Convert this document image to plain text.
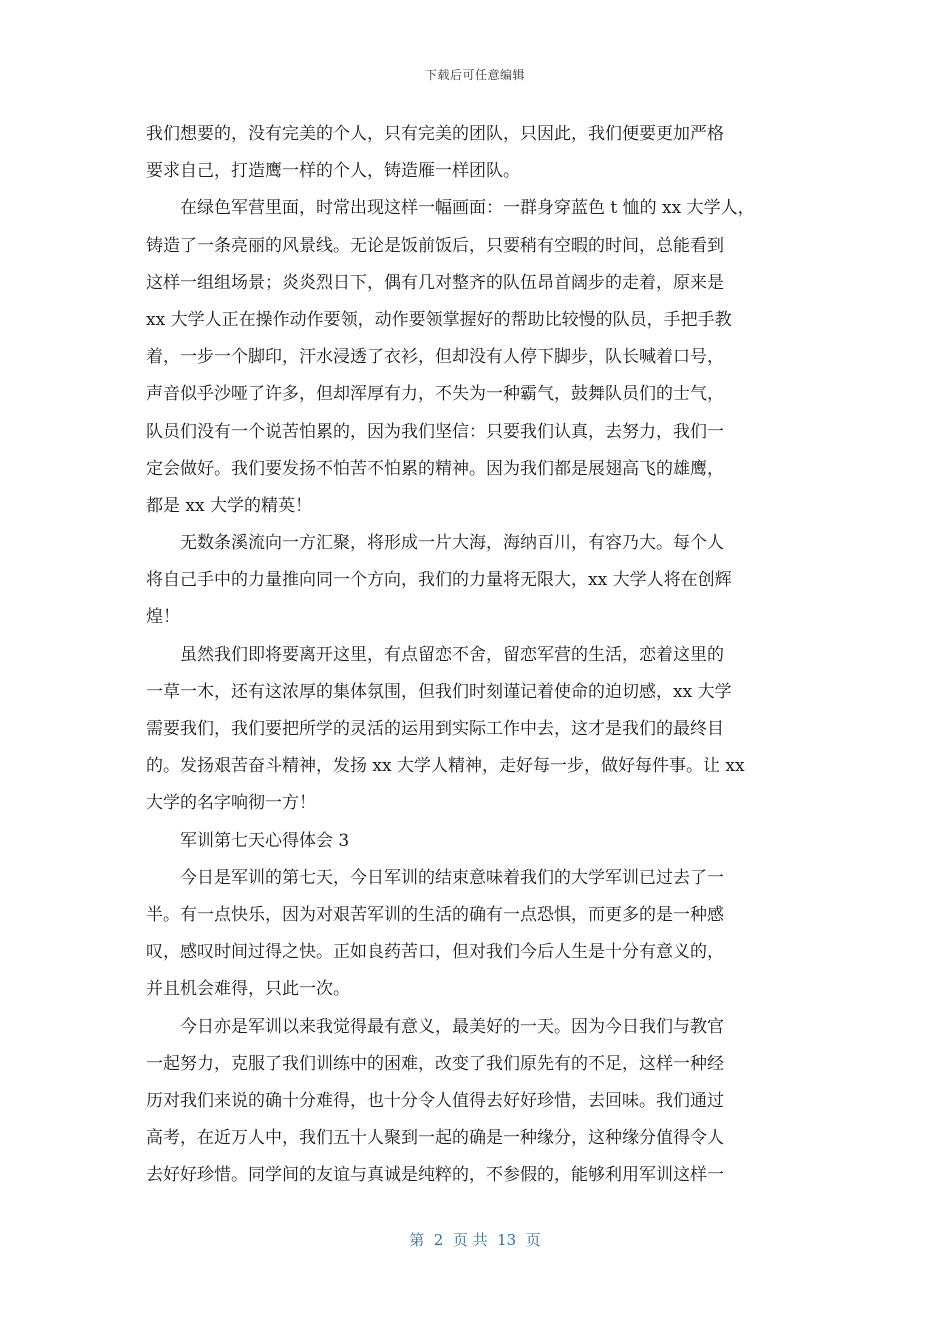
下载后可任意编辑
我们想要的，没有完美的个人，只有完美的团队，只因此，我们便要更加严格
要求自己，打造鹰一样的个人，铸造雁一样团队。
　　在绿色军营里面，时常出现这样一幅画面：一群身穿蓝色 t 恤的 xx 大学人，
铸造了一条亮丽的风景线。无论是饭前饭后，只要稍有空暇的时间，总能看到
这样一组组场景；炎炎烈日下，偶有几对整齐的队伍昂首阔步的走着，原来是
xx 大学人正在操作动作要领，动作要领掌握好的帮助比较慢的队员，手把手教
着，一步一个脚印，汗水浸透了衣衫，但却没有人停下脚步，队长喊着口号，
声音似乎沙哑了许多，但却浑厚有力，不失为一种霸气，鼓舞队员们的士气，
队员们没有一个说苦怕累的，因为我们坚信：只要我们认真，去努力，我们一
定会做好。我们要发扬不怕苦不怕累的精神。因为我们都是展翅高飞的雄鹰，
都是 xx 大学的精英！
　　无数条溪流向一方汇聚，将形成一片大海，海纳百川，有容乃大。每个人
将自己手中的力量推向同一个方向，我们的力量将无限大，xx 大学人将在创辉
煌！
　　虽然我们即将要离开这里，有点留恋不舍，留恋军营的生活，恋着这里的
一草一木，还有这浓厚的集体氛围，但我们时刻谨记着使命的迫切感，xx 大学
需要我们，我们要把所学的灵活的运用到实际工作中去，这才是我们的最终目
的。发扬艰苦奋斗精神，发扬 xx 大学人精神，走好每一步，做好每件事。让 xx
大学的名字响彻一方！
　　军训第七天心得体会 3
　　今日是军训的第七天，今日军训的结束意味着我们的大学军训已过去了一
半。有一点快乐，因为对艰苦军训的生活的确有一点恐惧，而更多的是一种感
叹，感叹时间过得之快。正如良药苦口，但对我们今后人生是十分有意义的，
并且机会难得，只此一次。
　　今日亦是军训以来我觉得最有意义，最美好的一天。因为今日我们与教官
一起努力，克服了我们训练中的困难，改变了我们原先有的不足，这样一种经
历对我们来说的确十分难得，也十分令人值得去好好珍惜，去回味。我们通过
高考，在近万人中，我们五十人聚到一起的确是一种缘分，这种缘分值得令人
去好好珍惜。同学间的友谊与真诚是纯粹的，不参假的，能够利用军训这样一
第  2  页 共  13  页
